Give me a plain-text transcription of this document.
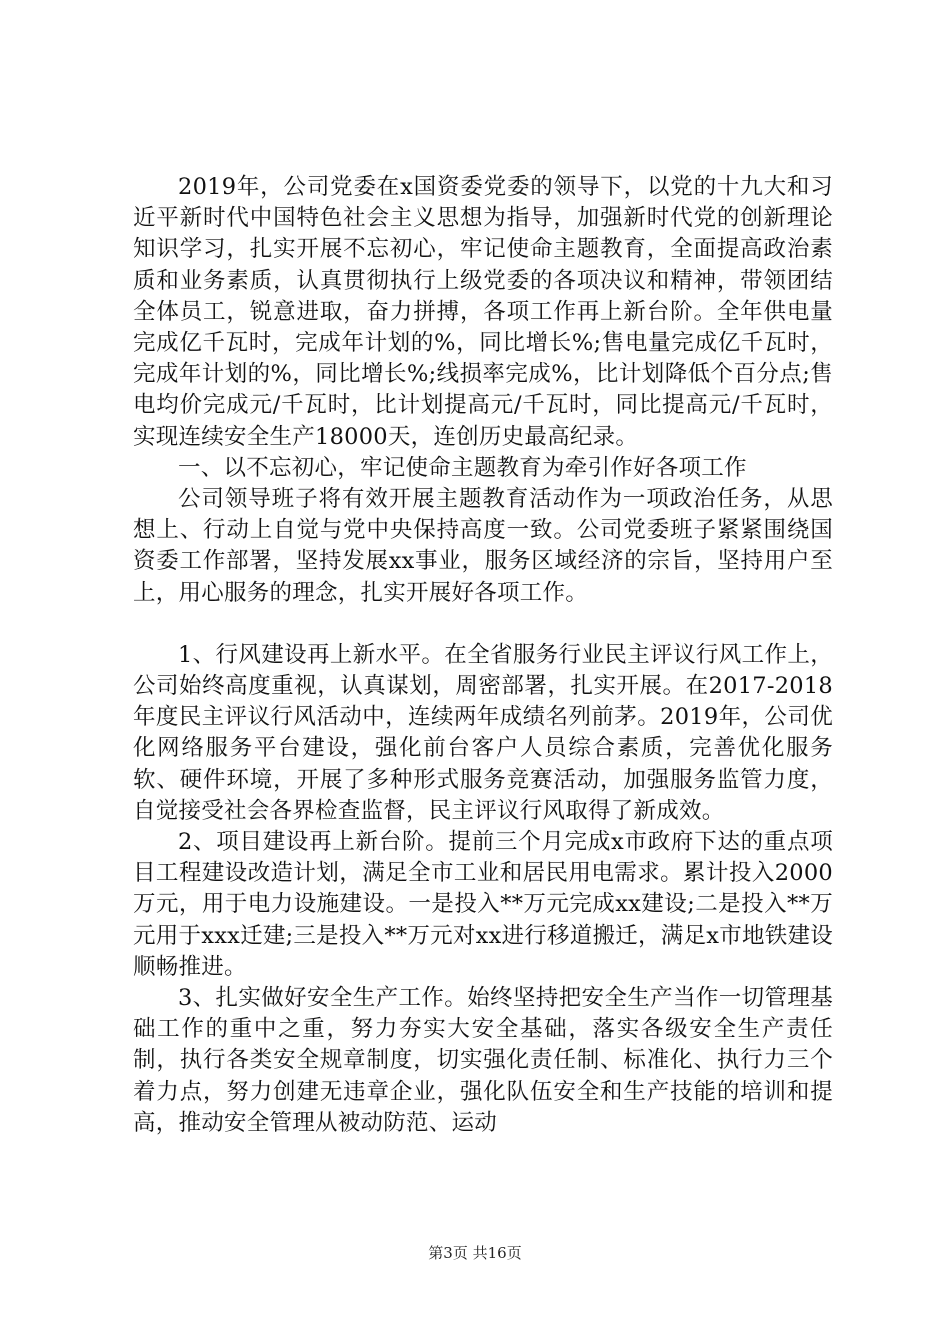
2019年，公司党委在x国资委党委的领导下，以党的十九大和习近平新时代中国特色社会主义思想为指导，加强新时代党的创新理论知识学习，扎实开展不忘初心，牢记使命主题教育，全面提高政治素质和业务素质，认真贯彻执行上级党委的各项决议和精神，带领团结全体员工，锐意进取，奋力拼搏，各项工作再上新台阶。全年供电量完成亿千瓦时，完成年计划的%，同比增长%;售电量完成亿千瓦时，完成年计划的%，同比增长%;线损率完成%，比计划降低个百分点;售电均价完成元/千瓦时，比计划提高元/千瓦时，同比提高元/千瓦时，实现连续安全生产18000天，连创历史最高纪录。

一、以不忘初心，牢记使命主题教育为牵引作好各项工作

公司领导班子将有效开展主题教育活动作为一项政治任务，从思想上、行动上自觉与党中央保持高度一致。公司党委班子紧紧围绕国资委工作部署，坚持发展xx事业，服务区域经济的宗旨，坚持用户至上，用心服务的理念，扎实开展好各项工作。

1、行风建设再上新水平。在全省服务行业民主评议行风工作上，公司始终高度重视，认真谋划，周密部署，扎实开展。在2017-2018年度民主评议行风活动中，连续两年成绩名列前茅。2019年，公司优化网络服务平台建设，强化前台客户人员综合素质，完善优化服务软、硬件环境，开展了多种形式服务竞赛活动，加强服务监管力度，自觉接受社会各界检查监督，民主评议行风取得了新成效。

2、项目建设再上新台阶。提前三个月完成x市政府下达的重点项目工程建设改造计划，满足全市工业和居民用电需求。累计投入2000万元，用于电力设施建设。一是投入**万元完成xx建设;二是投入**万元用于xxx迁建;三是投入**万元对xx进行移道搬迁，满足x市地铁建设顺畅推进。

3、扎实做好安全生产工作。始终坚持把安全生产当作一切管理基础工作的重中之重，努力夯实大安全基础，落实各级安全生产责任制，执行各类安全规章制度，切实强化责任制、标准化、执行力三个着力点，努力创建无违章企业，强化队伍安全和生产技能的培训和提高，推动安全管理从被动防范、运动

第3页 共16页
